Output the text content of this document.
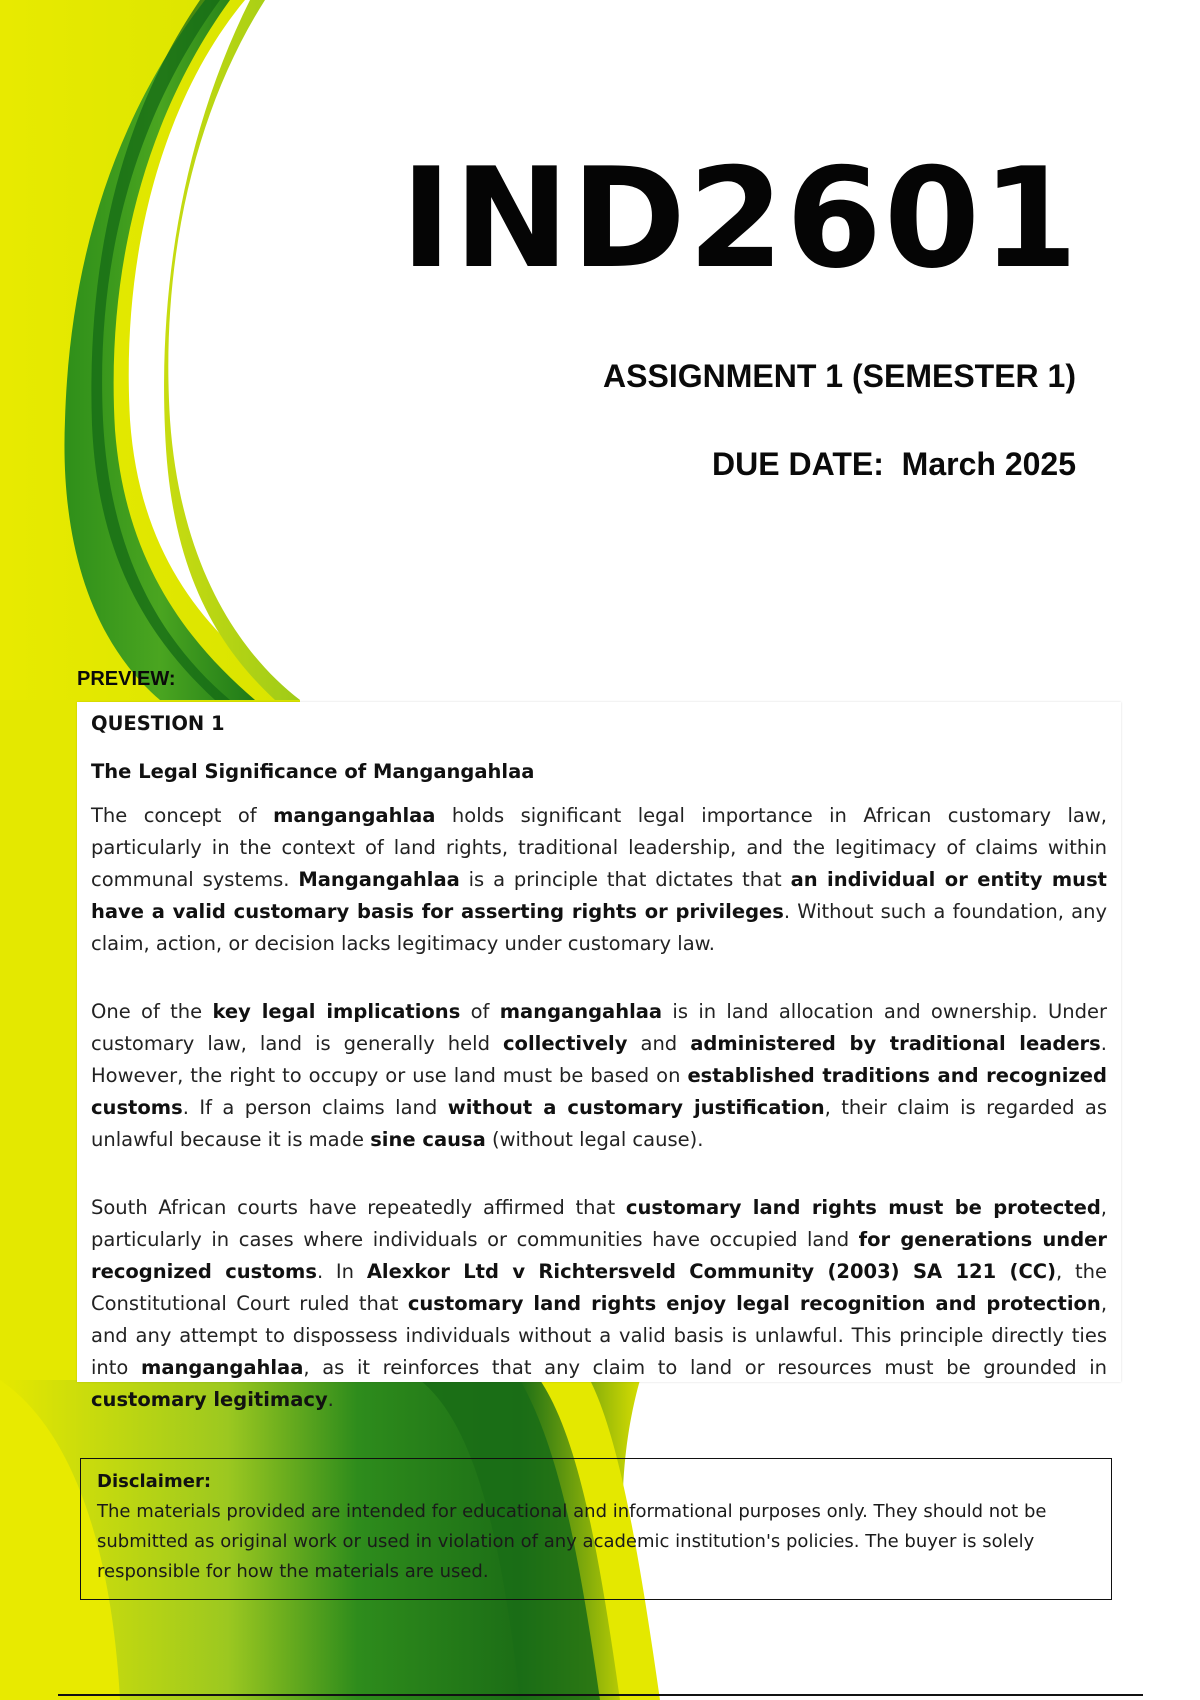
IND2601
ASSIGNMENT 1 (SEMESTER 1)
DUE DATE:  March 2025
PREVIEW:
QUESTION 1
The Legal Significance of Mangangahlaa

The concept of mangangahlaa holds significant legal importance in African customary law, particularly in the context of land rights, traditional leadership, and the legitimacy of claims within communal systems. Mangangahlaa is a principle that dictates that an individual or entity must have a valid customary basis for asserting rights or privileges. Without such a foundation, any claim, action, or decision lacks legitimacy under customary law.

One of the key legal implications of mangangahlaa is in land allocation and ownership. Under customary law, land is generally held collectively and administered by traditional leaders. However, the right to occupy or use land must be based on established traditions and recognized customs. If a person claims land without a customary justification, their claim is regarded as unlawful because it is made sine causa (without legal cause).

South African courts have repeatedly affirmed that customary land rights must be protected, particularly in cases where individuals or communities have occupied land for generations under recognized customs. In Alexkor Ltd v Richtersveld Community (2003) SA 121 (CC), the Constitutional Court ruled that customary land rights enjoy legal recognition and protection, and any attempt to dispossess individuals without a valid basis is unlawful. This principle directly ties into mangangahlaa, as it reinforces that any claim to land or resources must be grounded in customary legitimacy.

Disclaimer:
The materials provided are intended for educational and informational purposes only. They should not be submitted as original work or used in violation of any academic institution's policies. The buyer is solely responsible for how the materials are used.
